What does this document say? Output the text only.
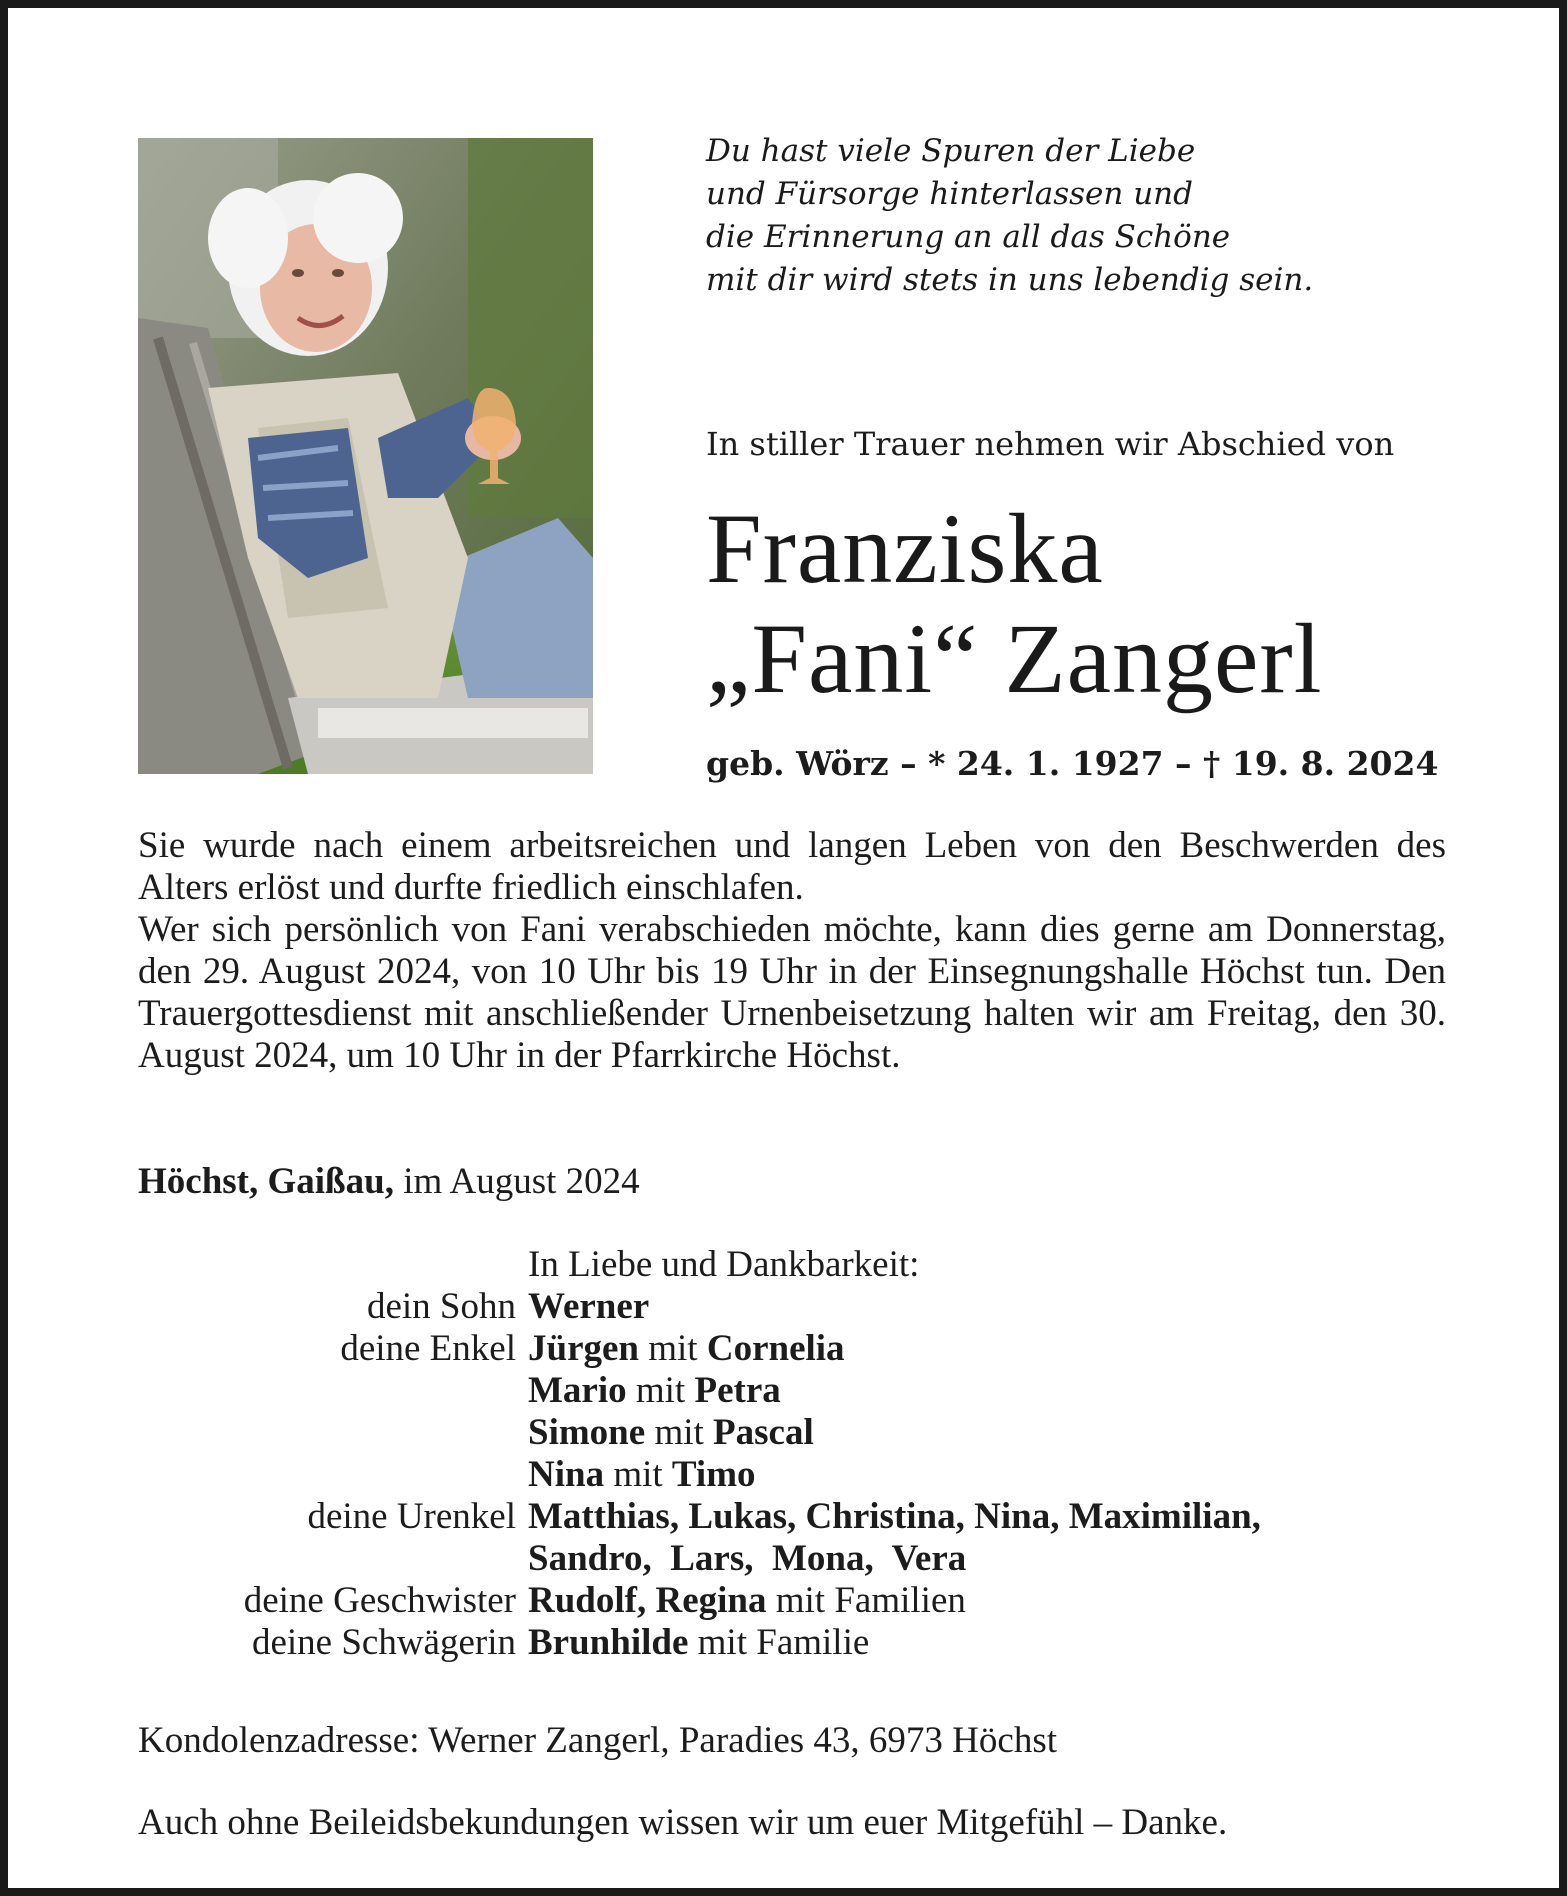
Du hast viele Spuren der Liebe
und Fürsorge hinterlassen und
die Erinnerung an all das Schöne
mit dir wird stets in uns lebendig sein.
In stiller Trauer nehmen wir Abschied von
Franziska
„Fani“ Zangerl
geb. Wörz – * 24. 1. 1927 – † 19. 8. 2024

Sie wurde nach einem arbeitsreichen und langen Leben von den Beschwerden des Alters erlöst und durfte friedlich einschlafen.

Wer sich persönlich von Fani verabschieden möchte, kann dies gerne am Donnerstag, den 29. August 2024, von 10 Uhr bis 19 Uhr in der Einsegnungshalle Höchst tun. Den Trauergottesdienst mit anschließender Urnenbeisetzung halten wir am Freitag, den 30. August 2024, um 10 Uhr in der Pfarrkirche Höchst.

Höchst, Gaißau, im August 2024
In Liebe und Dankbarkeit:
dein Sohn Werner
deine Enkel Jürgen mit Cornelia
Mario mit Petra
Simone mit Pascal
Nina mit Timo
deine Urenkel Matthias, Lukas, Christina, Nina, Maximilian,
Sandro,  Lars,  Mona,  Vera
deine Geschwister Rudolf, Regina mit Familien
deine Schwägerin Brunhilde mit Familie
Kondolenzadresse: Werner Zangerl, Paradies 43, 6973 Höchst
Auch ohne Beileidsbekundungen wissen wir um euer Mitgefühl – Danke.
